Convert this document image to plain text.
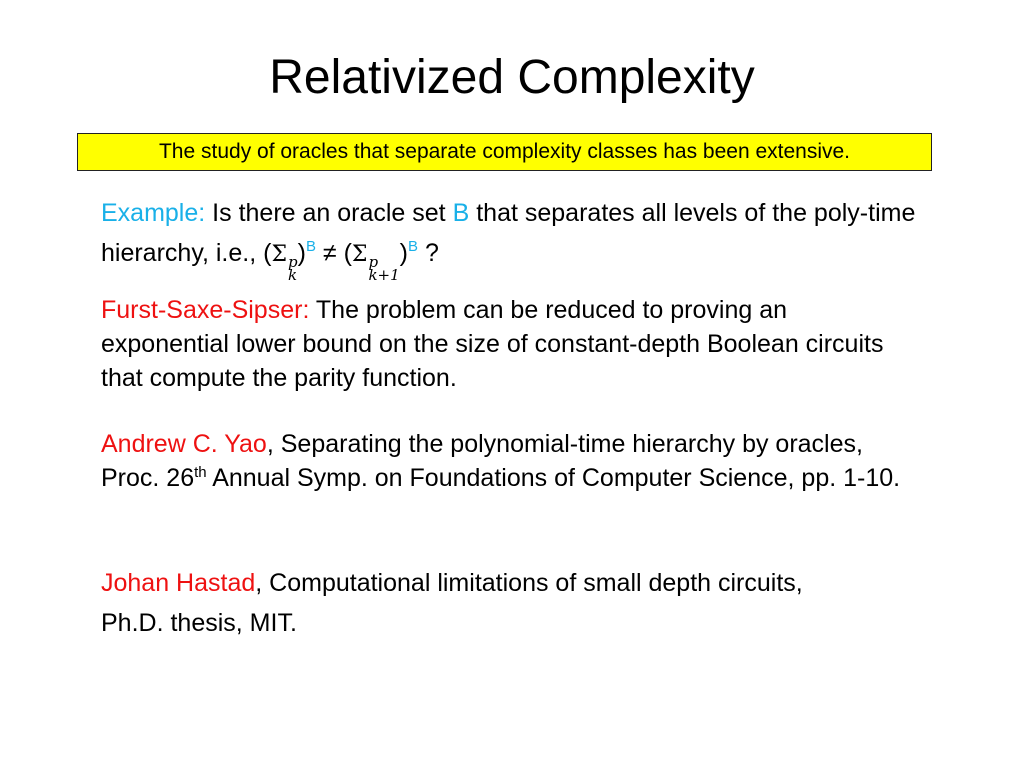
Relativized Complexity
The study of oracles that separate complexity classes has been extensive.
Example: Is there an oracle set B that separates all levels of the poly-time hierarchy, i.e., (Σ p
k
)$^B$ ≠ (Σ p
k+1
)$^B$ ?
Furst-Saxe-Sipser: The problem can be reduced to proving an exponential lower bound on the size of constant-depth Boolean circuits that compute the parity function.
Andrew C. Yao, Separating the polynomial-time hierarchy by oracles, Proc. 26th Annual Symp. on Foundations of Computer Science, pp. 1-10.
Johan Hastad, Computational limitations of small depth circuits,
Ph.D. thesis, MIT.
